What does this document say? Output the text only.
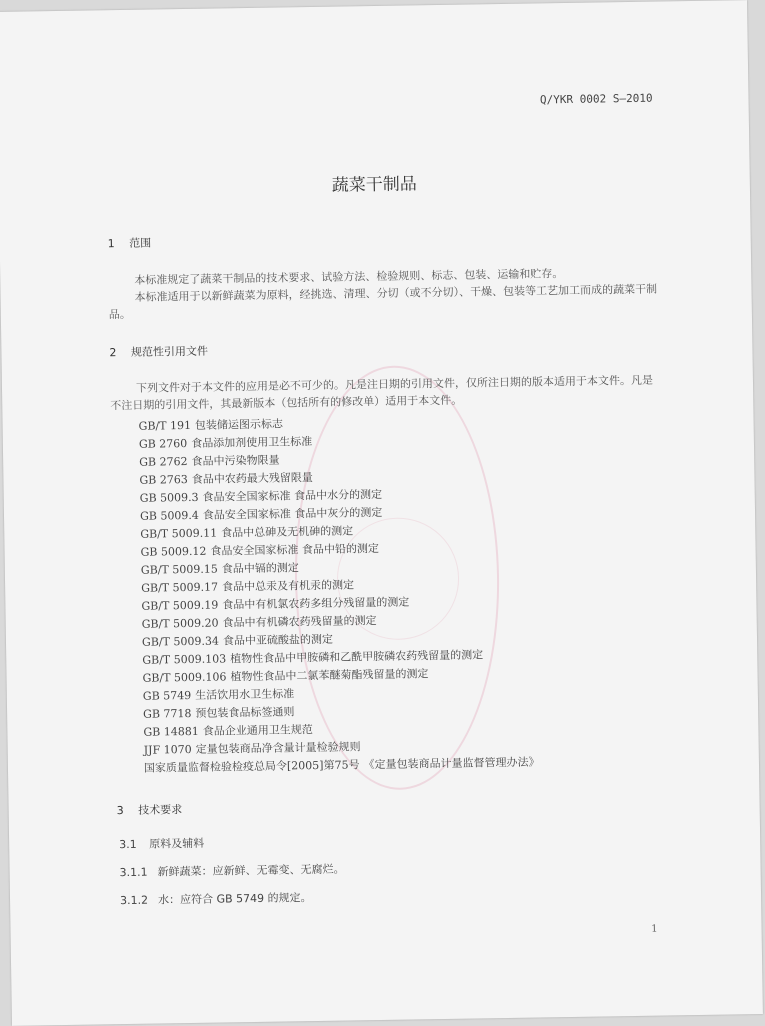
Q/YKR 0002 S—2010
蔬菜干制品
1 范围
本标准规定了蔬菜干制品的技术要求、试验方法、检验规则、标志、包装、运输和贮存。
本标准适用于以新鲜蔬菜为原料，经挑选、清理、分切（或不分切）、干燥、包装等工艺加工而成的蔬菜干制品。
2 规范性引用文件
下列文件对于本文件的应用是必不可少的。凡是注日期的引用文件，仅所注日期的版本适用于本文件。凡是不注日期的引用文件，其最新版本（包括所有的修改单）适用于本文件。
GB/T 191 包装储运图示标志
GB 2760 食品添加剂使用卫生标准
GB 2762 食品中污染物限量
GB 2763 食品中农药最大残留限量
GB 5009.3 食品安全国家标准 食品中水分的测定
GB 5009.4 食品安全国家标准 食品中灰分的测定
GB/T 5009.11 食品中总砷及无机砷的测定
GB 5009.12 食品安全国家标准 食品中铅的测定
GB/T 5009.15 食品中镉的测定
GB/T 5009.17 食品中总汞及有机汞的测定
GB/T 5009.19 食品中有机氯农药多组分残留量的测定
GB/T 5009.20 食品中有机磷农药残留量的测定
GB/T 5009.34 食品中亚硫酸盐的测定
GB/T 5009.103 植物性食品中甲胺磷和乙酰甲胺磷农药残留量的测定
GB/T 5009.106 植物性食品中二氯苯醚菊酯残留量的测定
GB 5749 生活饮用水卫生标准
GB 7718 预包装食品标签通则
GB 14881 食品企业通用卫生规范
JJF 1070 定量包装商品净含量计量检验规则
国家质量监督检验检疫总局令[2005]第75号 《定量包装商品计量监督管理办法》
3 技术要求
3.1 原料及辅料
3.1.1 新鲜蔬菜：应新鲜、无霉变、无腐烂。
3.1.2 水：应符合 GB 5749 的规定。
1
